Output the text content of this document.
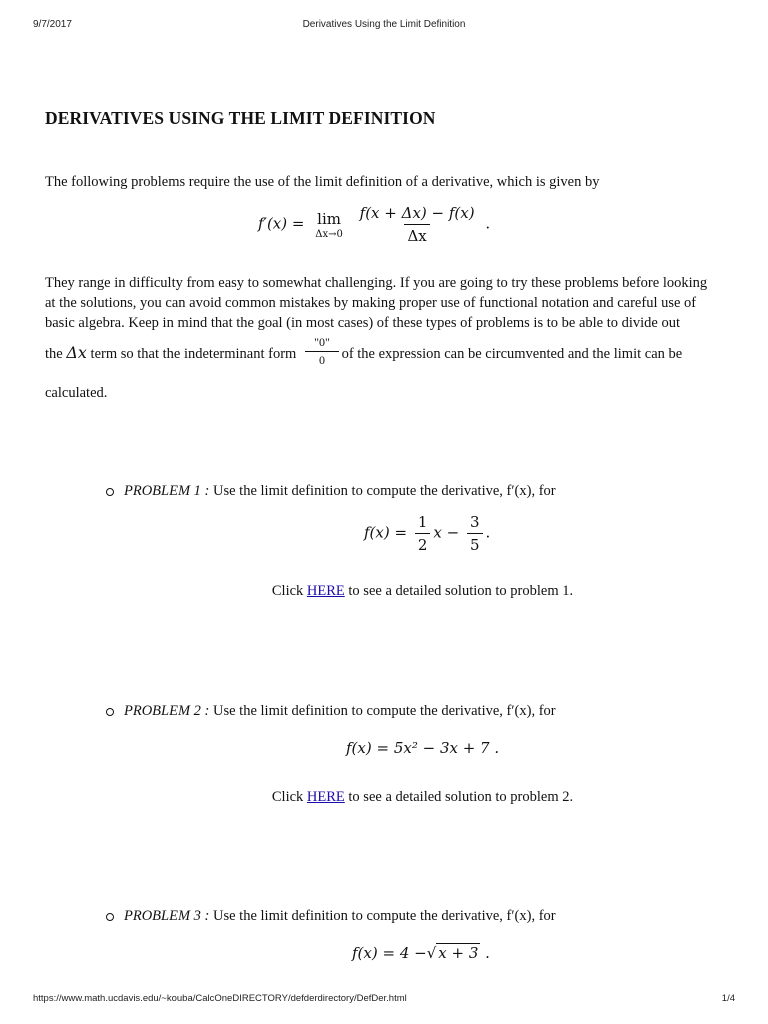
9/7/2017	Derivatives Using the Limit Definition
DERIVATIVES USING THE LIMIT DEFINITION

The following problems require the use of the limit definition of a derivative, which is given by

f′(x) = lim
Δx→0
$\frac{f(x + \Delta x) - f(x)}{\Delta x}$ .
They range in difficulty from easy to somewhat challenging. If you are going to try these problems before looking
at the solutions, you can avoid common mistakes by making proper use of functional notation and careful use of
basic algebra. Keep in mind that the goal (in most cases) of these types of problems is to be able to divide out
the Δx term so that the indeterminant form	of the expression can be circumvented and the limit can be
$\frac{"0"}{0}$
calculated.
PROBLEM 1 : Use the limit definition to compute the derivative, f′(x), for
$f(x) = \frac{1}{2}$ $x - \frac{3}{5}$ .
Click HERE to see a detailed solution to problem 1.
PROBLEM 2 : Use the limit definition to compute the derivative, f′(x), for
f(x) = 5x² − 3x + 7 .
Click HERE to see a detailed solution to problem 2.
PROBLEM 3 : Use the limit definition to compute the derivative, f′(x), for
f(x) = 4 −√ x + 3 .
https://www.math.ucdavis.edu/~kouba/CalcOneDIRECTORY/defderdirectory/DefDer.html	1/4
